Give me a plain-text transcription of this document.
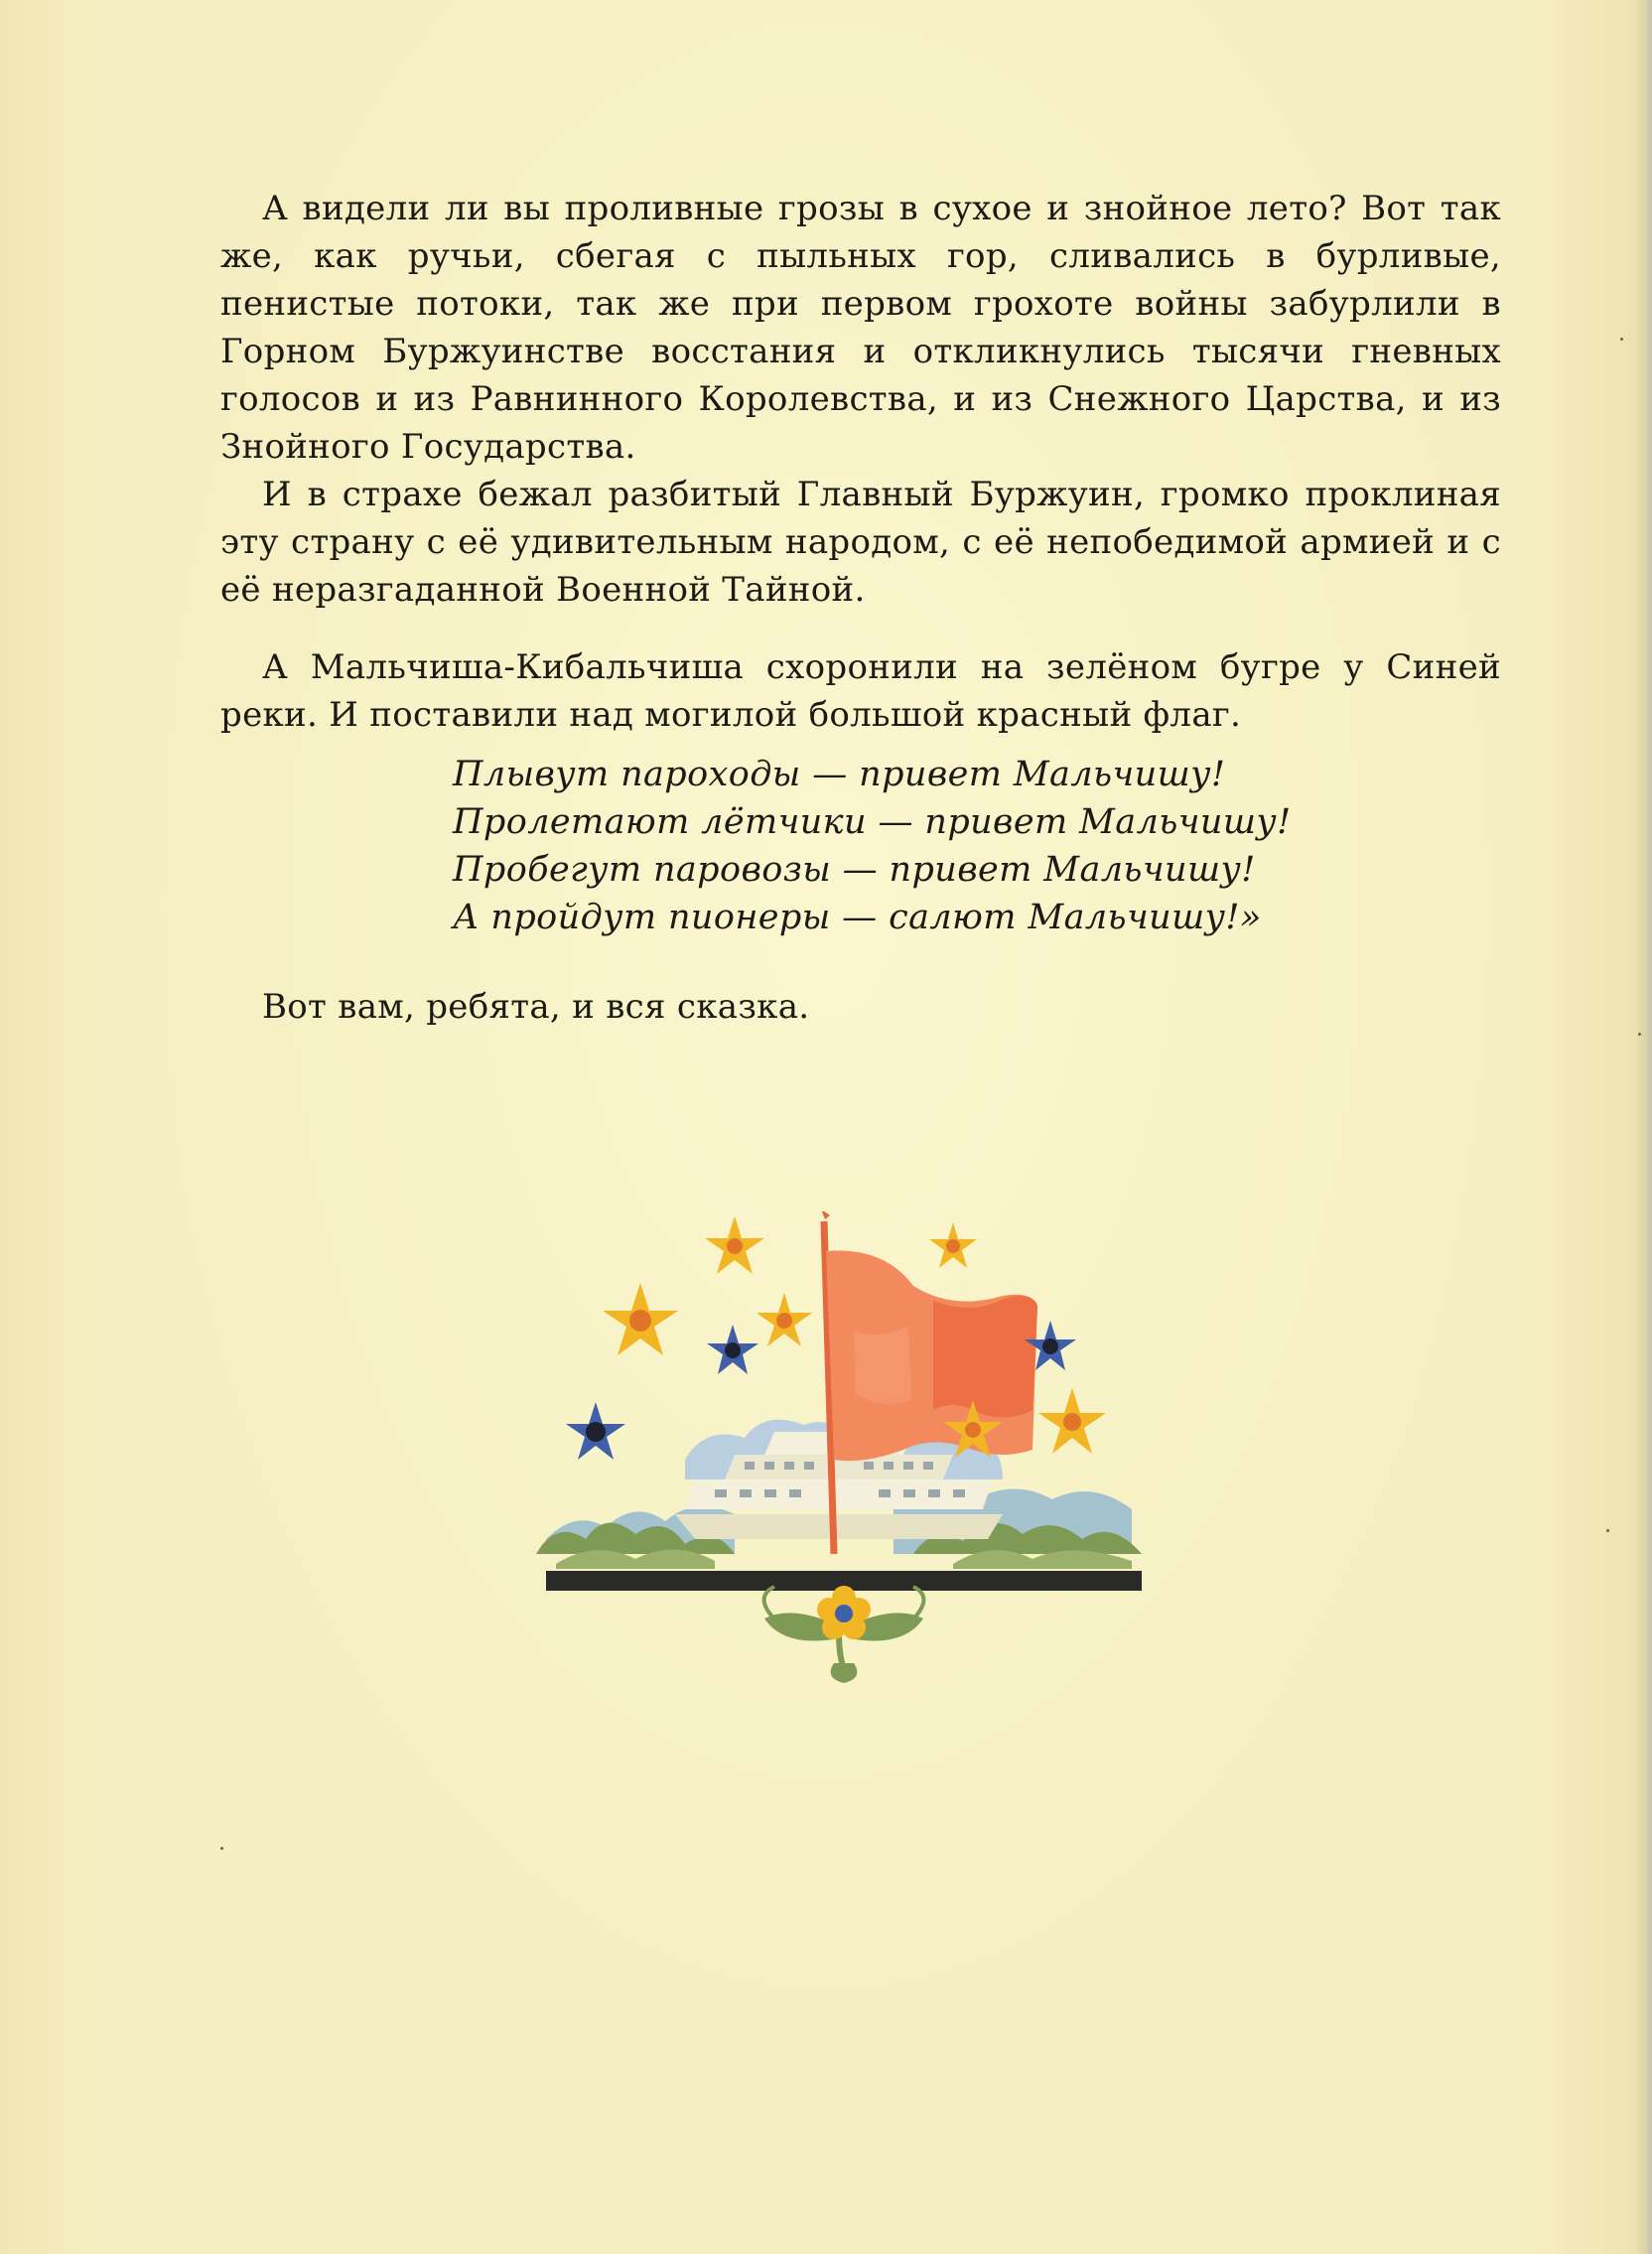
А видели ли вы проливные грозы в сухое и знойное лето? Вот так же, как ручьи, сбегая с пыльных гор, сливались в бурливые, пенистые потоки, так же при первом грохоте войны забурлили в Горном Буржуинстве восстания и откликнулись тысячи гневных голосов и из Равнинного Королевства, и из Снежного Царства, и из Знойного Государства.

И в страхе бежал разбитый Главный Буржуин, громко проклиная эту страну с её удивительным народом, с её непобедимой армией и с её неразгаданной Военной Тайной.

А Мальчиша-Кибальчиша схоронили на зелёном бугре у Синей реки. И поставили над могилой большой красный флаг.

Плывут пароходы — привет Мальчишу!
Пролетают лётчики — привет Мальчишу!
Пробегут паровозы — привет Мальчишу!
А пройдут пионеры — салют Мальчишу!»
Вот вам, ребята, и вся сказка.
